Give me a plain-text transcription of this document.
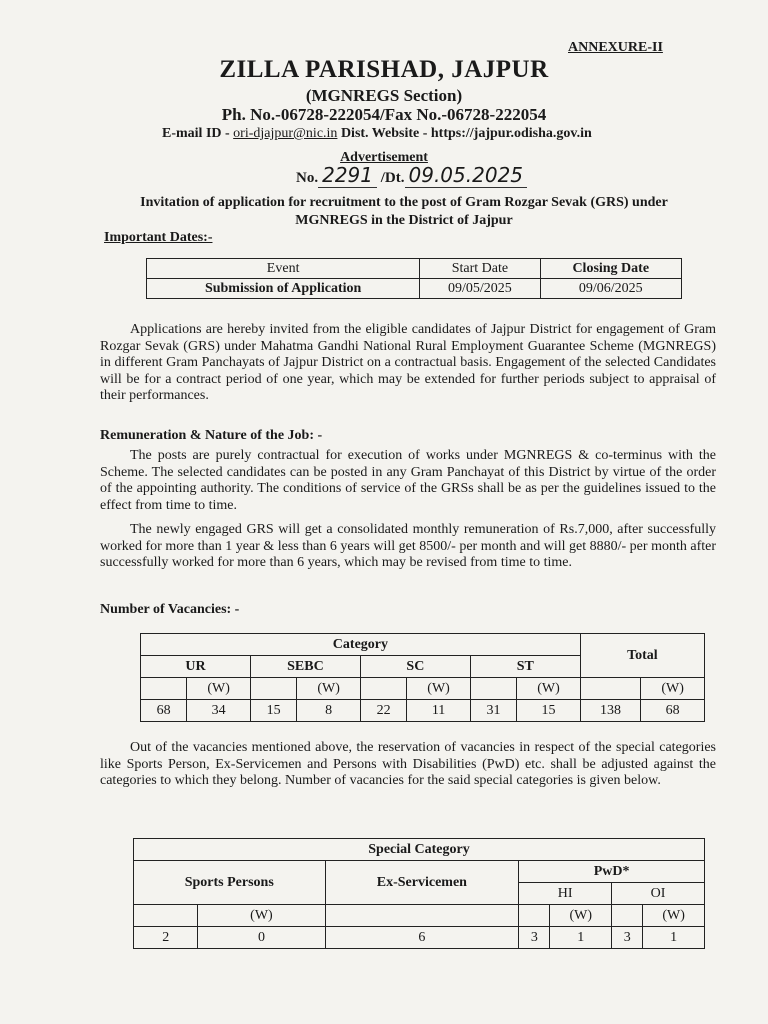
ANNEXURE-II
ZILLA PARISHAD, JAJPUR
(MGNREGS Section)
Ph. No.-06728-222054/Fax No.-06728-222054
E-mail ID - ori-djajpur@nic.in Dist. Website - https://jajpur.odisha.gov.in
Advertisement
No. 2291 /Dt. 09.05.2025
Invitation of application for recruitment to the post of Gram Rozgar Sevak (GRS) under
MGNREGS in the District of Jajpur
Important Dates:-
Event	Start Date	Closing Date
Submission of Application	09/05/2025	09/06/2025

Applications are hereby invited from the eligible candidates of Jajpur District for engagement of Gram Rozgar Sevak (GRS) under Mahatma Gandhi National Rural Employment Guarantee Scheme (MGNREGS) in different Gram Panchayats of Jajpur District on a contractual basis. Engagement of the selected Candidates will be for a contract period of one year, which may be extended for further periods subject to appraisal of their performances.

Remuneration & Nature of the Job: -

The posts are purely contractual for execution of works under MGNREGS & co-terminus with the Scheme. The selected candidates can be posted in any Gram Panchayat of this District by virtue of the order of the appointing authority. The conditions of service of the GRSs shall be as per the guidelines issued to the effect from time to time.

The newly engaged GRS will get a consolidated monthly remuneration of Rs.7,000, after successfully worked for more than 1 year & less than 6 years will get 8500/- per month and will get 8880/- per month after successfully worked for more than 6 years, which may be revised from time to time.

Number of Vacancies: -
Category								Total	
UR		SEBC		SC		ST			
	(W)		(W)		(W)		(W)		(W)
68	34	15	8	22	11	31	15	138	68

Out of the vacancies mentioned above, the reservation of vacancies in respect of the special categories like Sports Person, Ex-Servicemen and Persons with Disabilities (PwD) etc. shall be adjusted against the categories to which they belong. Number of vacancies for the said special categories is given below.

Special Category						
Sports Persons		Ex-Servicemen	PwD*			
			HI		OI	
	(W)			(W)		(W)
2	0	6	3	1	3	1
